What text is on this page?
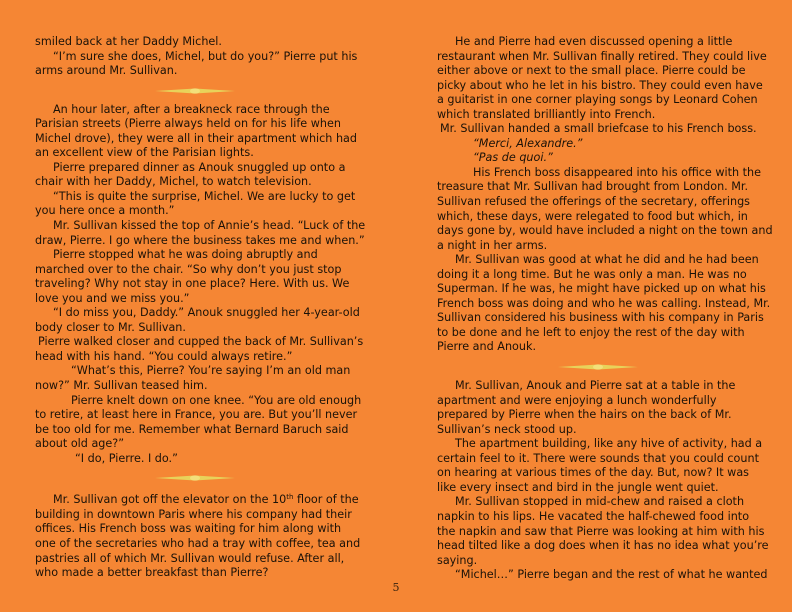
smiled back at her Daddy Michel.

“I’m sure she does, Michel, but do you?” Pierre put his

arms around Mr. Sullivan.

An hour later, after a breakneck race through the

Parisian streets (Pierre always held on for his life when

Michel drove), they were all in their apartment which had

an excellent view of the Parisian lights.

Pierre prepared dinner as Anouk snuggled up onto a

chair with her Daddy, Michel, to watch television.

“This is quite the surprise, Michel. We are lucky to get

you here once a month.”

Mr. Sullivan kissed the top of Annie’s head. “Luck of the

draw, Pierre. I go where the business takes me and when.”

Pierre stopped what he was doing abruptly and

marched over to the chair. “So why don’t you just stop

traveling? Why not stay in one place? Here. With us. We

love you and we miss you.”

“I do miss you, Daddy.” Anouk snuggled her 4-year-old

body closer to Mr. Sullivan.

Pierre walked closer and cupped the back of Mr. Sullivan’s

head with his hand. “You could always retire.”

“What’s this, Pierre? You’re saying I’m an old man

now?” Mr. Sullivan teased him.

Pierre knelt down on one knee. “You are old enough

to retire, at least here in France, you are. But you’ll never

be too old for me. Remember what Bernard Baruch said

about old age?”

“I do, Pierre. I do.”

Mr. Sullivan got off the elevator on the 10th floor of the

building in downtown Paris where his company had their

offices. His French boss was waiting for him along with

one of the secretaries who had a tray with coffee, tea and

pastries all of which Mr. Sullivan would refuse. After all,

who made a better breakfast than Pierre?

He and Pierre had even discussed opening a little

restaurant when Mr. Sullivan finally retired. They could live

either above or next to the small place. Pierre could be

picky about who he let in his bistro. They could even have

a guitarist in one corner playing songs by Leonard Cohen

which translated brilliantly into French.

Mr. Sullivan handed a small briefcase to his French boss.

“Merci, Alexandre.”

“Pas de quoi.”

His French boss disappeared into his office with the

treasure that Mr. Sullivan had brought from London. Mr.

Sullivan refused the offerings of the secretary, offerings

which, these days, were relegated to food but which, in

days gone by, would have included a night on the town and

a night in her arms.

Mr. Sullivan was good at what he did and he had been

doing it a long time. But he was only a man. He was no

Superman. If he was, he might have picked up on what his

French boss was doing and who he was calling. Instead, Mr.

Sullivan considered his business with his company in Paris

to be done and he left to enjoy the rest of the day with

Pierre and Anouk.

Mr. Sullivan, Anouk and Pierre sat at a table in the

apartment and were enjoying a lunch wonderfully

prepared by Pierre when the hairs on the back of Mr.

Sullivan’s neck stood up.

The apartment building, like any hive of activity, had a

certain feel to it. There were sounds that you could count

on hearing at various times of the day. But, now? It was

like every insect and bird in the jungle went quiet.

Mr. Sullivan stopped in mid-chew and raised a cloth

napkin to his lips. He vacated the half-chewed food into

the napkin and saw that Pierre was looking at him with his

head tilted like a dog does when it has no idea what you’re

saying.

“Michel…” Pierre began and the rest of what he wanted

5
